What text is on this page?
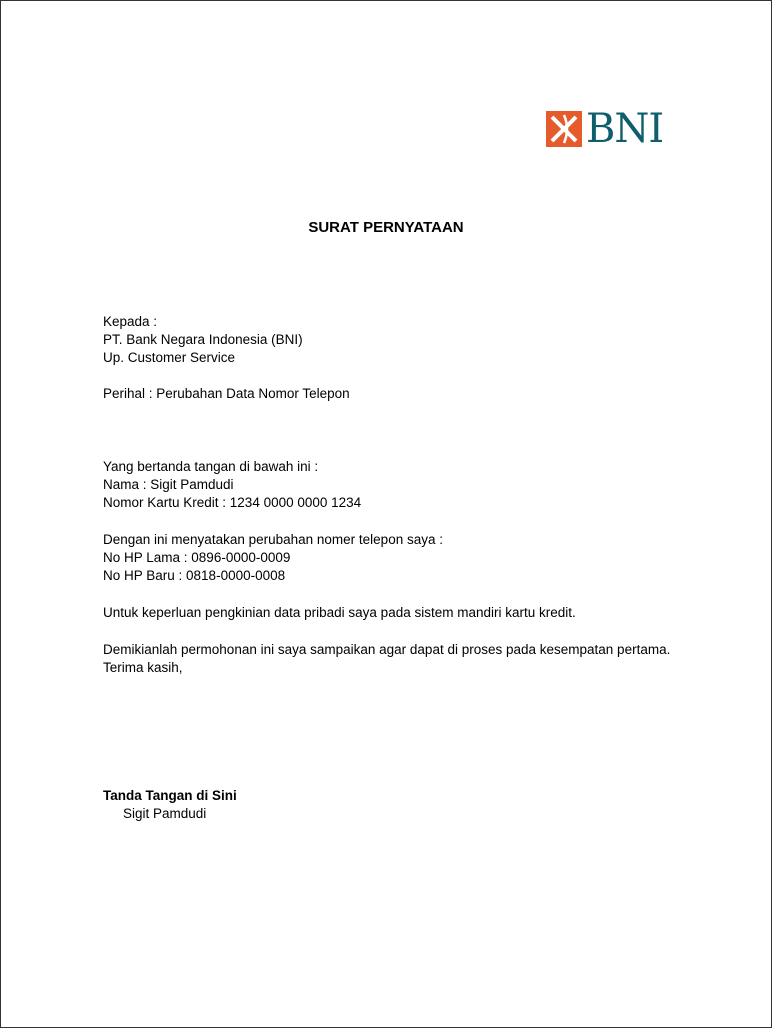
BNI
SURAT PERNYATAAN
Kepada :
PT. Bank Negara Indonesia (BNI)
Up. Customer Service
Perihal : Perubahan Data Nomor Telepon
Yang bertanda tangan di bawah ini :
Nama : Sigit Pamdudi
Nomor Kartu Kredit : 1234 0000 0000 1234
Dengan ini menyatakan perubahan nomer telepon saya :
No HP Lama : 0896-0000-0009
No HP Baru : 0818-0000-0008
Untuk keperluan pengkinian data pribadi saya pada sistem mandiri kartu kredit.
Demikianlah permohonan ini saya sampaikan agar dapat di proses pada kesempatan pertama.
Terima kasih,
Tanda Tangan di Sini
Sigit Pamdudi
